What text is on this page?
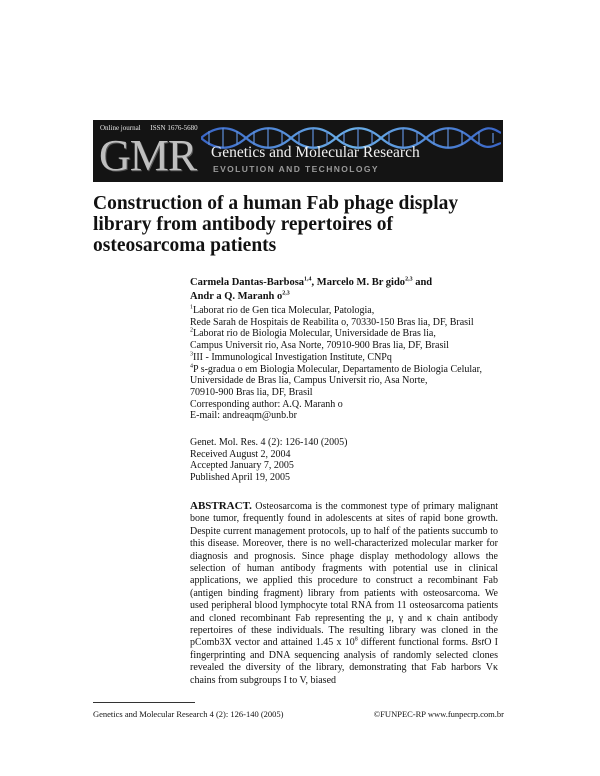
Online journal ISSN 1676-5680
GMR Genetics and Molecular Research
EVOLUTION AND TECHNOLOGY
Construction of a human Fab phage display
library from antibody repertoires of
osteosarcoma patients
Carmela Dantas-Barbosa$^{1,4}$, Marcelo M. Br gido$^{2,3}$ and
Andr a Q. Maranh $o^{2,3}$
$^1$Laborat rio de Gen tica Molecular, Patologia,
Rede Sarah de Hospitais de Reabilita o, 70330-150 Bras lia, DF, Brasil
$^2$Laborat rio de Biologia Molecular, Universidade de Bras lia,
Campus Universit rio, Asa Norte, 70910-900 Bras lia, DF, Brasil
$^3$III - Immunological Investigation Institute, CNPq
$^4$P s-gradua o em Biologia Molecular, Departamento de Biologia Celular,
Universidade de Bras lia, Campus Universit rio, Asa Norte,
70910-900 Bras lia, DF, Brasil
Corresponding author: A.Q. Maranh o
E-mail: andreaqm@unb.br
Genet. Mol. Res. 4 (2): 126-140 (2005)
Received August 2, 2004
Accepted January 7, 2005
Published April 19, 2005

ABSTRACT. Osteosarcoma is the commonest type of primary malignant bone tumor, frequently found in adolescents at sites of rapid bone growth. Despite current management protocols, up to half of the patients succumb to this disease. Moreover, there is no well-characterized molecular marker for diagnosis and prognosis. Since phage display methodology allows the selection of human antibody fragments with potential use in clinical applications, we applied this procedure to construct a recombinant Fab (antigen binding fragment) library from patients with osteosarcoma. We used peripheral blood lymphocyte total RNA from 11 osteosarcoma patients and cloned recombinant Fab representing the μ, γ and κ chain antibody repertoires of these individuals. The resulting library was cloned in the pComb3X vector and attained 1.45 x $10^8$ different functional forms. BstO I fingerprinting and DNA sequencing analysis of randomly selected clones revealed the diversity of the library, demonstrating that Fab harbors Vκ chains from subgroups I to V, biased

Genetics and Molecular Research 4 (2): 126-140 (2005)	©FUNPEC-RP www.funpecrp.com.br
